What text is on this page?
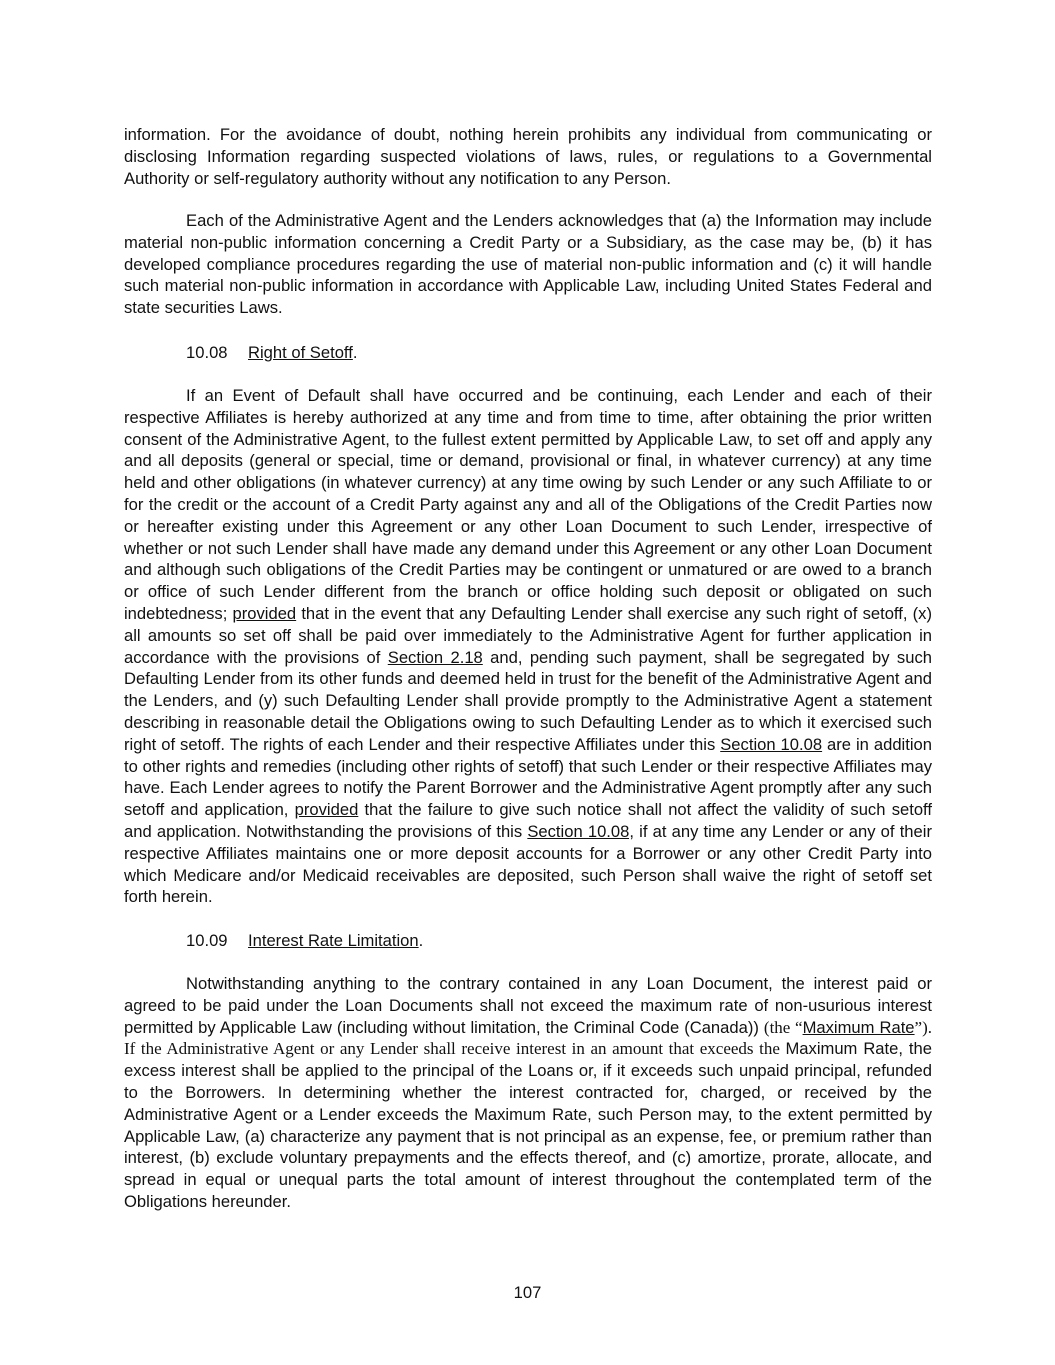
information. For the avoidance of doubt, nothing herein prohibits any individual from communicating or disclosing Information regarding suspected violations of laws, rules, or regulations to a Governmental Authority or self-regulatory authority without any notification to any Person.

Each of the Administrative Agent and the Lenders acknowledges that (a) the Information may include material non-public information concerning a Credit Party or a Subsidiary, as the case may be, (b) it has developed compliance procedures regarding the use of material non-public information and (c) it will handle such material non-public information in accordance with Applicable Law, including United States Federal and state securities Laws.

10.08 Right of Setoff.

If an Event of Default shall have occurred and be continuing, each Lender and each of their respective Affiliates is hereby authorized at any time and from time to time, after obtaining the prior written consent of the Administrative Agent, to the fullest extent permitted by Applicable Law, to set off and apply any and all deposits (general or special, time or demand, provisional or final, in whatever currency) at any time held and other obligations (in whatever currency) at any time owing by such Lender or any such Affiliate to or for the credit or the account of a Credit Party against any and all of the Obligations of the Credit Parties now or hereafter existing under this Agreement or any other Loan Document to such Lender, irrespective of whether or not such Lender shall have made any demand under this Agreement or any other Loan Document and although such obligations of the Credit Parties may be contingent or unmatured or are owed to a branch or office of such Lender different from the branch or office holding such deposit or obligated on such indebtedness; provided that in the event that any Defaulting Lender shall exercise any such right of setoff, (x) all amounts so set off shall be paid over immediately to the Administrative Agent for further application in accordance with the provisions of Section 2.18 and, pending such payment, shall be segregated by such Defaulting Lender from its other funds and deemed held in trust for the benefit of the Administrative Agent and the Lenders, and (y) such Defaulting Lender shall provide promptly to the Administrative Agent a statement describing in reasonable detail the Obligations owing to such Defaulting Lender as to which it exercised such right of setoff. The rights of each Lender and their respective Affiliates under this Section 10.08 are in addition to other rights and remedies (including other rights of setoff) that such Lender or their respective Affiliates may have. Each Lender agrees to notify the Parent Borrower and the Administrative Agent promptly after any such setoff and application, provided that the failure to give such notice shall not affect the validity of such setoff and application. Notwithstanding the provisions of this Section 10.08, if at any time any Lender or any of their respective Affiliates maintains one or more deposit accounts for a Borrower or any other Credit Party into which Medicare and/or Medicaid receivables are deposited, such Person shall waive the right of setoff set forth herein.

10.09 Interest Rate Limitation.

Notwithstanding anything to the contrary contained in any Loan Document, the interest paid or agreed to be paid under the Loan Documents shall not exceed the maximum rate of non-usurious interest permitted by Applicable Law (including without limitation, the Criminal Code (Canada)) (the “Maximum Rate”). If the Administrative Agent or any Lender shall receive interest in an amount that exceeds the Maximum Rate, the excess interest shall be applied to the principal of the Loans or, if it exceeds such unpaid principal, refunded to the Borrowers. In determining whether the interest contracted for, charged, or received by the Administrative Agent or a Lender exceeds the Maximum Rate, such Person may, to the extent permitted by Applicable Law, (a) characterize any payment that is not principal as an expense, fee, or premium rather than interest, (b) exclude voluntary prepayments and the effects thereof, and (c) amortize, prorate, allocate, and spread in equal or unequal parts the total amount of interest throughout the contemplated term of the Obligations hereunder.

107
